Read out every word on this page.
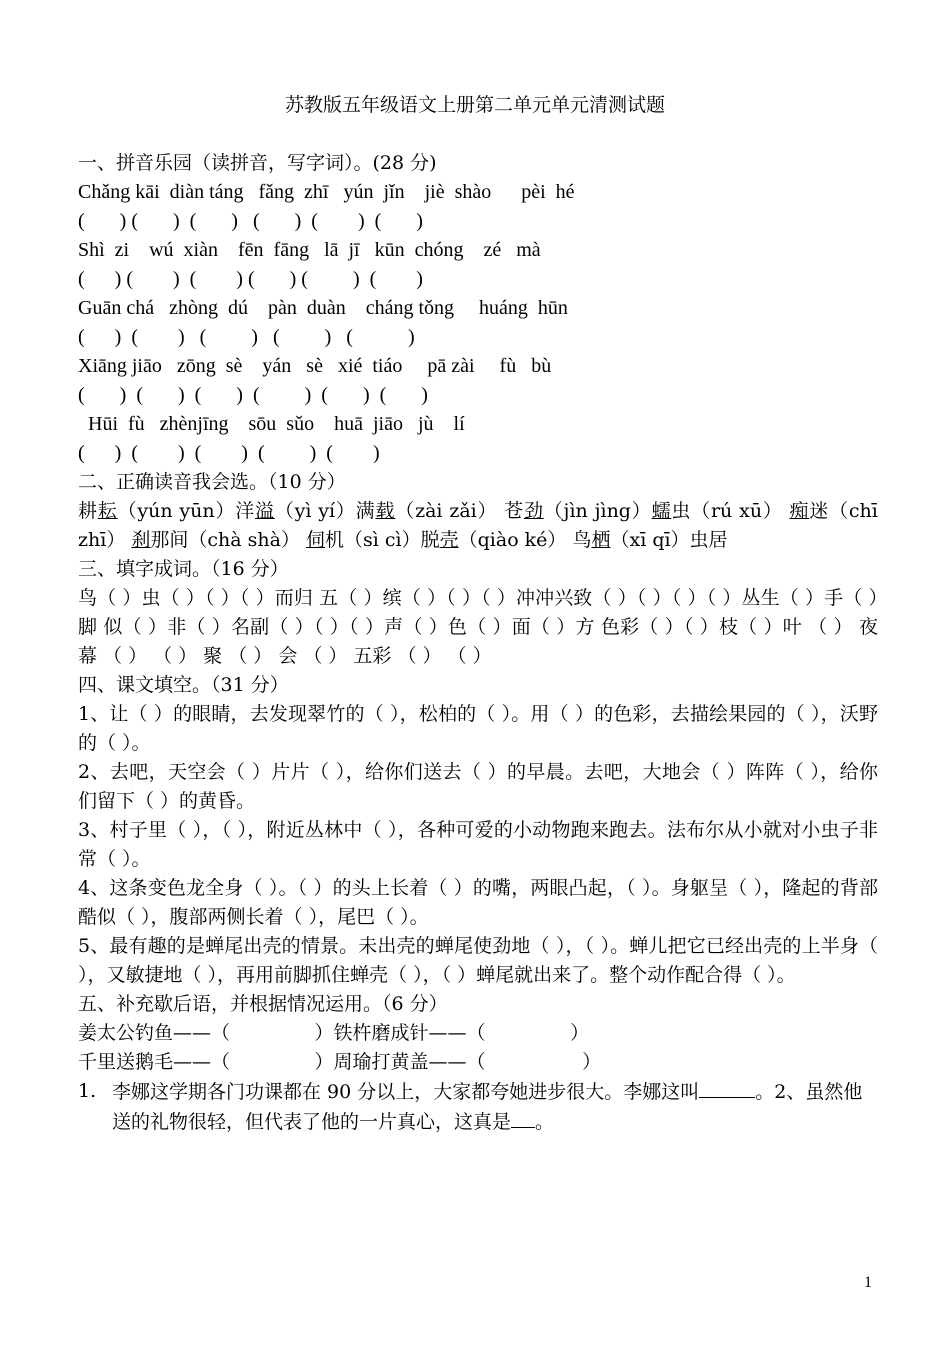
苏教版五年级语文上册第二单元单元清测试题
一、拼音乐园（读拼音，写字词）。(28 分)
Chǎng kāi  diàn táng   fǎng  zhī   yún  jǐn    jiè  shào      pèi  hé
(       ) (       )  (       )   (       )  (        )  (       )
Shì  zi    wú  xiàn    fēn  fāng   lā  jī   kūn  chóng    zé   mà
(      ) (        )  (        ) (       ) (         )  (        )
Guān chá   zhòng  dú    pàn  duàn    cháng tǒng     huáng  hūn
(      )  (        )   (         )   (         )   (           )
Xiāng jiāo   zōng  sè    yán   sè   xié  tiáo     pā zài     fù   bù
(       )  (       )  (       )  (         )  (       )  (       )
Hūi  fù   zhènjīng    sōu  sǔo    huā  jiāo   jù    lí
(      )  (        )  (        )  (         )  (        )
二、正确读音我会选。（10 分）
耕耘（yún yūn）洋溢（yì yí）满载（zài zǎi） 苍劲（jìn jìng）蠕虫（rú xū） 痴迷（chī zhī） 刹那间（chà shà） 伺机（sì cì）脱壳（qiào ké） 鸟栖（xī qī）虫居
三、填字成词。（16 分）
鸟（ ）虫（ ）（ ）（ ）而归 五（ ）缤（ ）（ ）（ ）冲冲兴致（ ）（ ）（ ）（ ）丛生（ ）手（ ）脚 似（ ）非（ ）名副（ ）（ ）（ ）声（ ）色（ ）面（ ）方 色彩（ ）（ ）枝（ ）叶 （ ） 夜幕 （ ） （ ） 聚 （ ） 会 （ ） 五彩 （ ） （ ）
四、课文填空。（31 分）
1、让（ ）的眼睛，去发现翠竹的（ ），松柏的（ ）。用（ ）的色彩，去描绘果园的（ ），沃野的（ ）。
2、去吧，天空会（ ）片片（ ），给你们送去（ ）的早晨。去吧，大地会（ ）阵阵（ ），给你们留下（ ）的黄昏。
3、村子里（ ），（ ），附近丛林中（ ），各种可爱的小动物跑来跑去。法布尔从小就对小虫子非常（ ）。
4、这条变色龙全身（ ）。（ ）的头上长着（ ）的嘴，两眼凸起，（ ）。身躯呈（ ），隆起的背部酷似（ ），腹部两侧长着（ ），尾巴（ ）。
5、最有趣的是蝉尾出壳的情景。未出壳的蝉尾使劲地（ ），（ ）。蝉儿把它已经出壳的上半身（ ），又敏捷地（ ），再用前脚抓住蝉壳（ ），（ ）蝉尾就出来了。整个动作配合得（ ）。
五、补充歇后语，并根据情况运用。（6 分）
姜太公钓鱼——（              ）铁杵磨成针——（              ）
千里送鹅毛——（              ）周瑜打黄盖——（                ）
1. 李娜这学期各门功课都在 90 分以上，大家都夸她进步很大。李娜这叫	。2、虽然他送的礼物很轻，但代表了他的一片真心，这真是 。
1
